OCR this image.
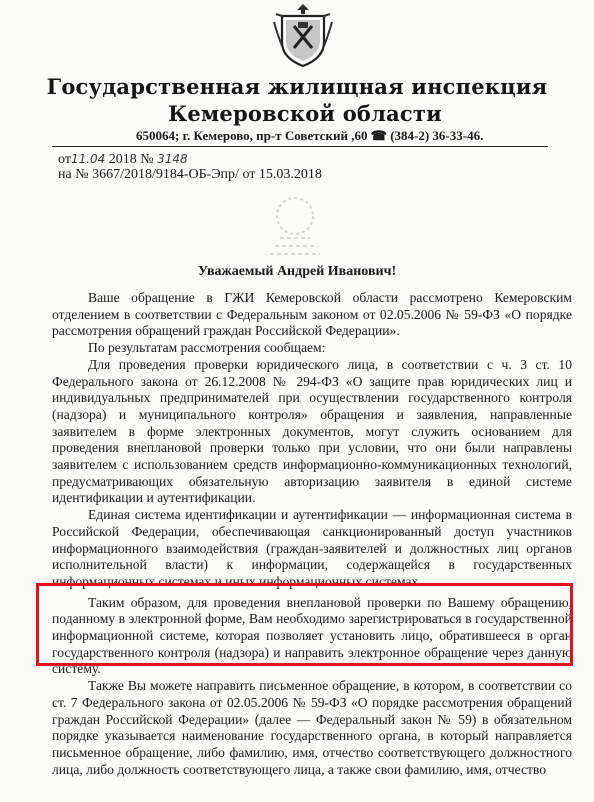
Государственная жилищная инспекция
Кемеровской области
650064; г. Кемерово, пр-т Советский ,60 ☎ (384-2) 36-33-46.
от11.04 2018 № 3148
на № 3667/2018/9184-ОБ-Эпр/ от 15.03.2018
Уважаемый Андрей Иванович!

Ваше обращение в ГЖИ Кемеровской области рассмотрено Кемеровским отделением в соответствии с Федеральным законом от 02.05.2006 № 59-ФЗ «О порядке рассмотрения обращений граждан Российской Федерации».

По результатам рассмотрения сообщаем:

Для проведения проверки юридического лица, в соответствии с ч. 3 ст. 10 Федерального закона от 26.12.2008 № 294-ФЗ «О защите прав юридических лиц и индивидуальных предпринимателей при осуществлении государственного контроля (надзора) и муниципального контроля» обращения и заявления, направленные заявителем в форме электронных документов, могут служить основанием для проведения внеплановой проверки только при условии, что они были направлены заявителем с использованием средств информационно-коммуникационных технологий, предусматривающих обязательную авторизацию заявителя в единой системе идентификации и аутентификации.

Единая система идентификации и аутентификации — информационная система в Российской Федерации, обеспечивающая санкционированный доступ участников информационного взаимодействия (граждан-заявителей и должностных лиц органов исполнительной власти) к информации, содержащейся в государственных информационных системах и иных информационных системах.

Таким образом, для проведения внеплановой проверки по Вашему обращению, поданному в электронной форме, Вам необходимо зарегистрироваться в государственной информационной системе, которая позволяет установить лицо, обратившееся в орган государственного контроля (надзора) и направить электронное обращение через данную систему.

Также Вы можете направить письменное обращение, в котором, в соответствии со ст. 7 Федерального закона от 02.05.2006 № 59-ФЗ «О порядке рассмотрения обращений граждан Российской Федерации» (далее — Федеральный закон № 59) в обязательном порядке указывается наименование государственного органа, в который направляется письменное обращение, либо фамилию, имя, отчество соответствующего должностного лица, либо должность соответствующего лица, а также свои фамилию, имя, отчество
